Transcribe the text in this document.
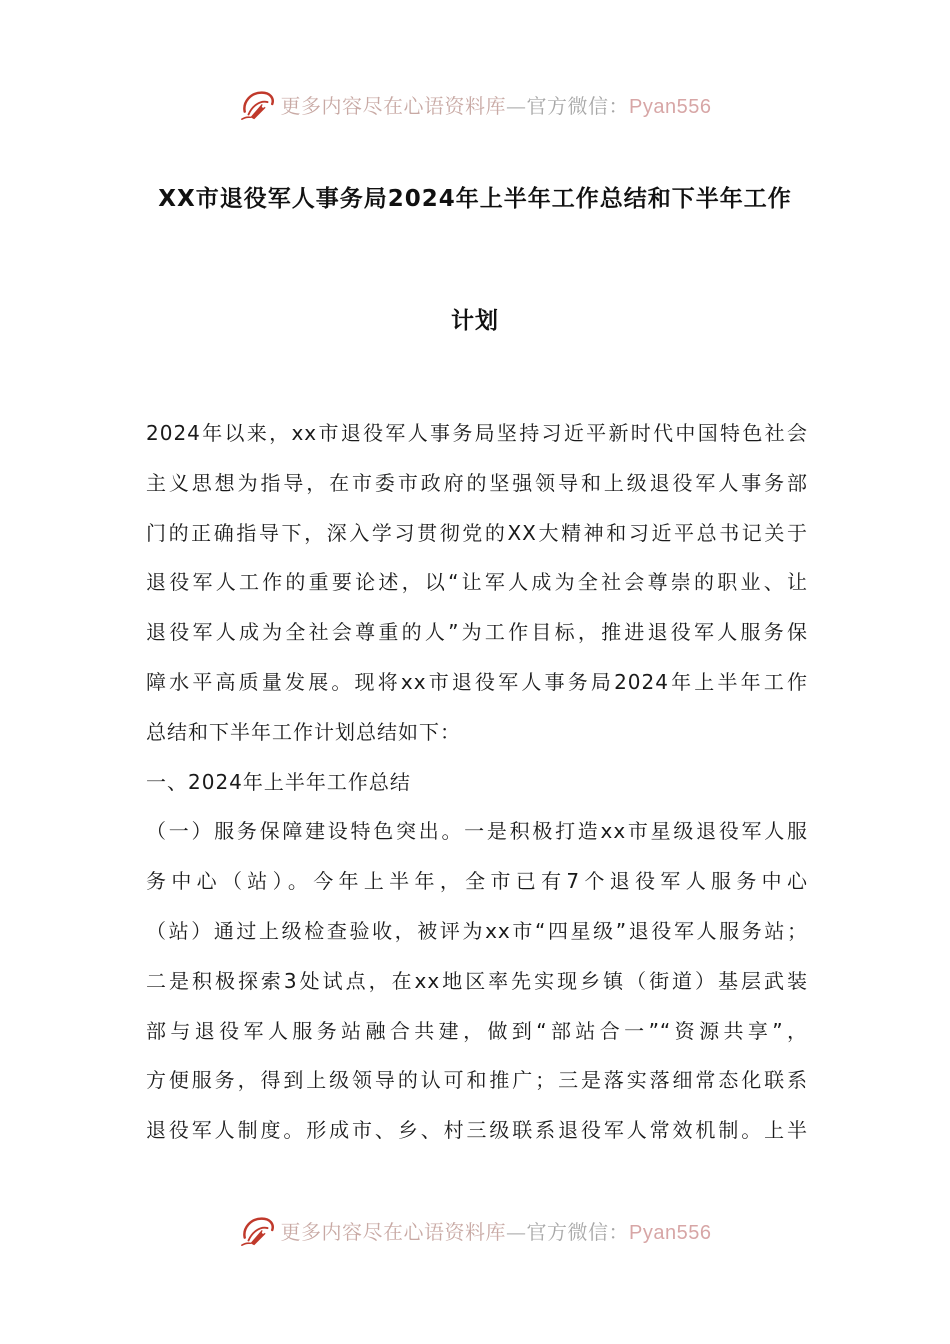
更多内容尽在心语资料库—官方微信：Pyan556
XX市退役军人事务局2024年上半年工作总结和下半年工作
计划
2024年以来，xx市退役军人事务局坚持习近平新时代中国特色社会
主义思想为指导，在市委市政府的坚强领导和上级退役军人事务部
门的正确指导下，深入学习贯彻党的XX大精神和习近平总书记关于
退役军人工作的重要论述，以“让军人成为全社会尊崇的职业、让
退役军人成为全社会尊重的人”为工作目标，推进退役军人服务保
障水平高质量发展。现将xx市退役军人事务局2024年上半年工作
总结和下半年工作计划总结如下：
一、2024年上半年工作总结
（一）服务保障建设特色突出。一是积极打造xx市星级退役军人服
务中心（站）。今年上半年，全市已有7个退役军人服务中心
（站）通过上级检查验收，被评为xx市“四星级”退役军人服务站；
二是积极探索3处试点，在xx地区率先实现乡镇（街道）基层武装
部与退役军人服务站融合共建，做到“部站合一”“资源共享”，
方便服务，得到上级领导的认可和推广；三是落实落细常态化联系
退役军人制度。形成市、乡、村三级联系退役军人常效机制。上半
更多内容尽在心语资料库—官方微信：Pyan556
